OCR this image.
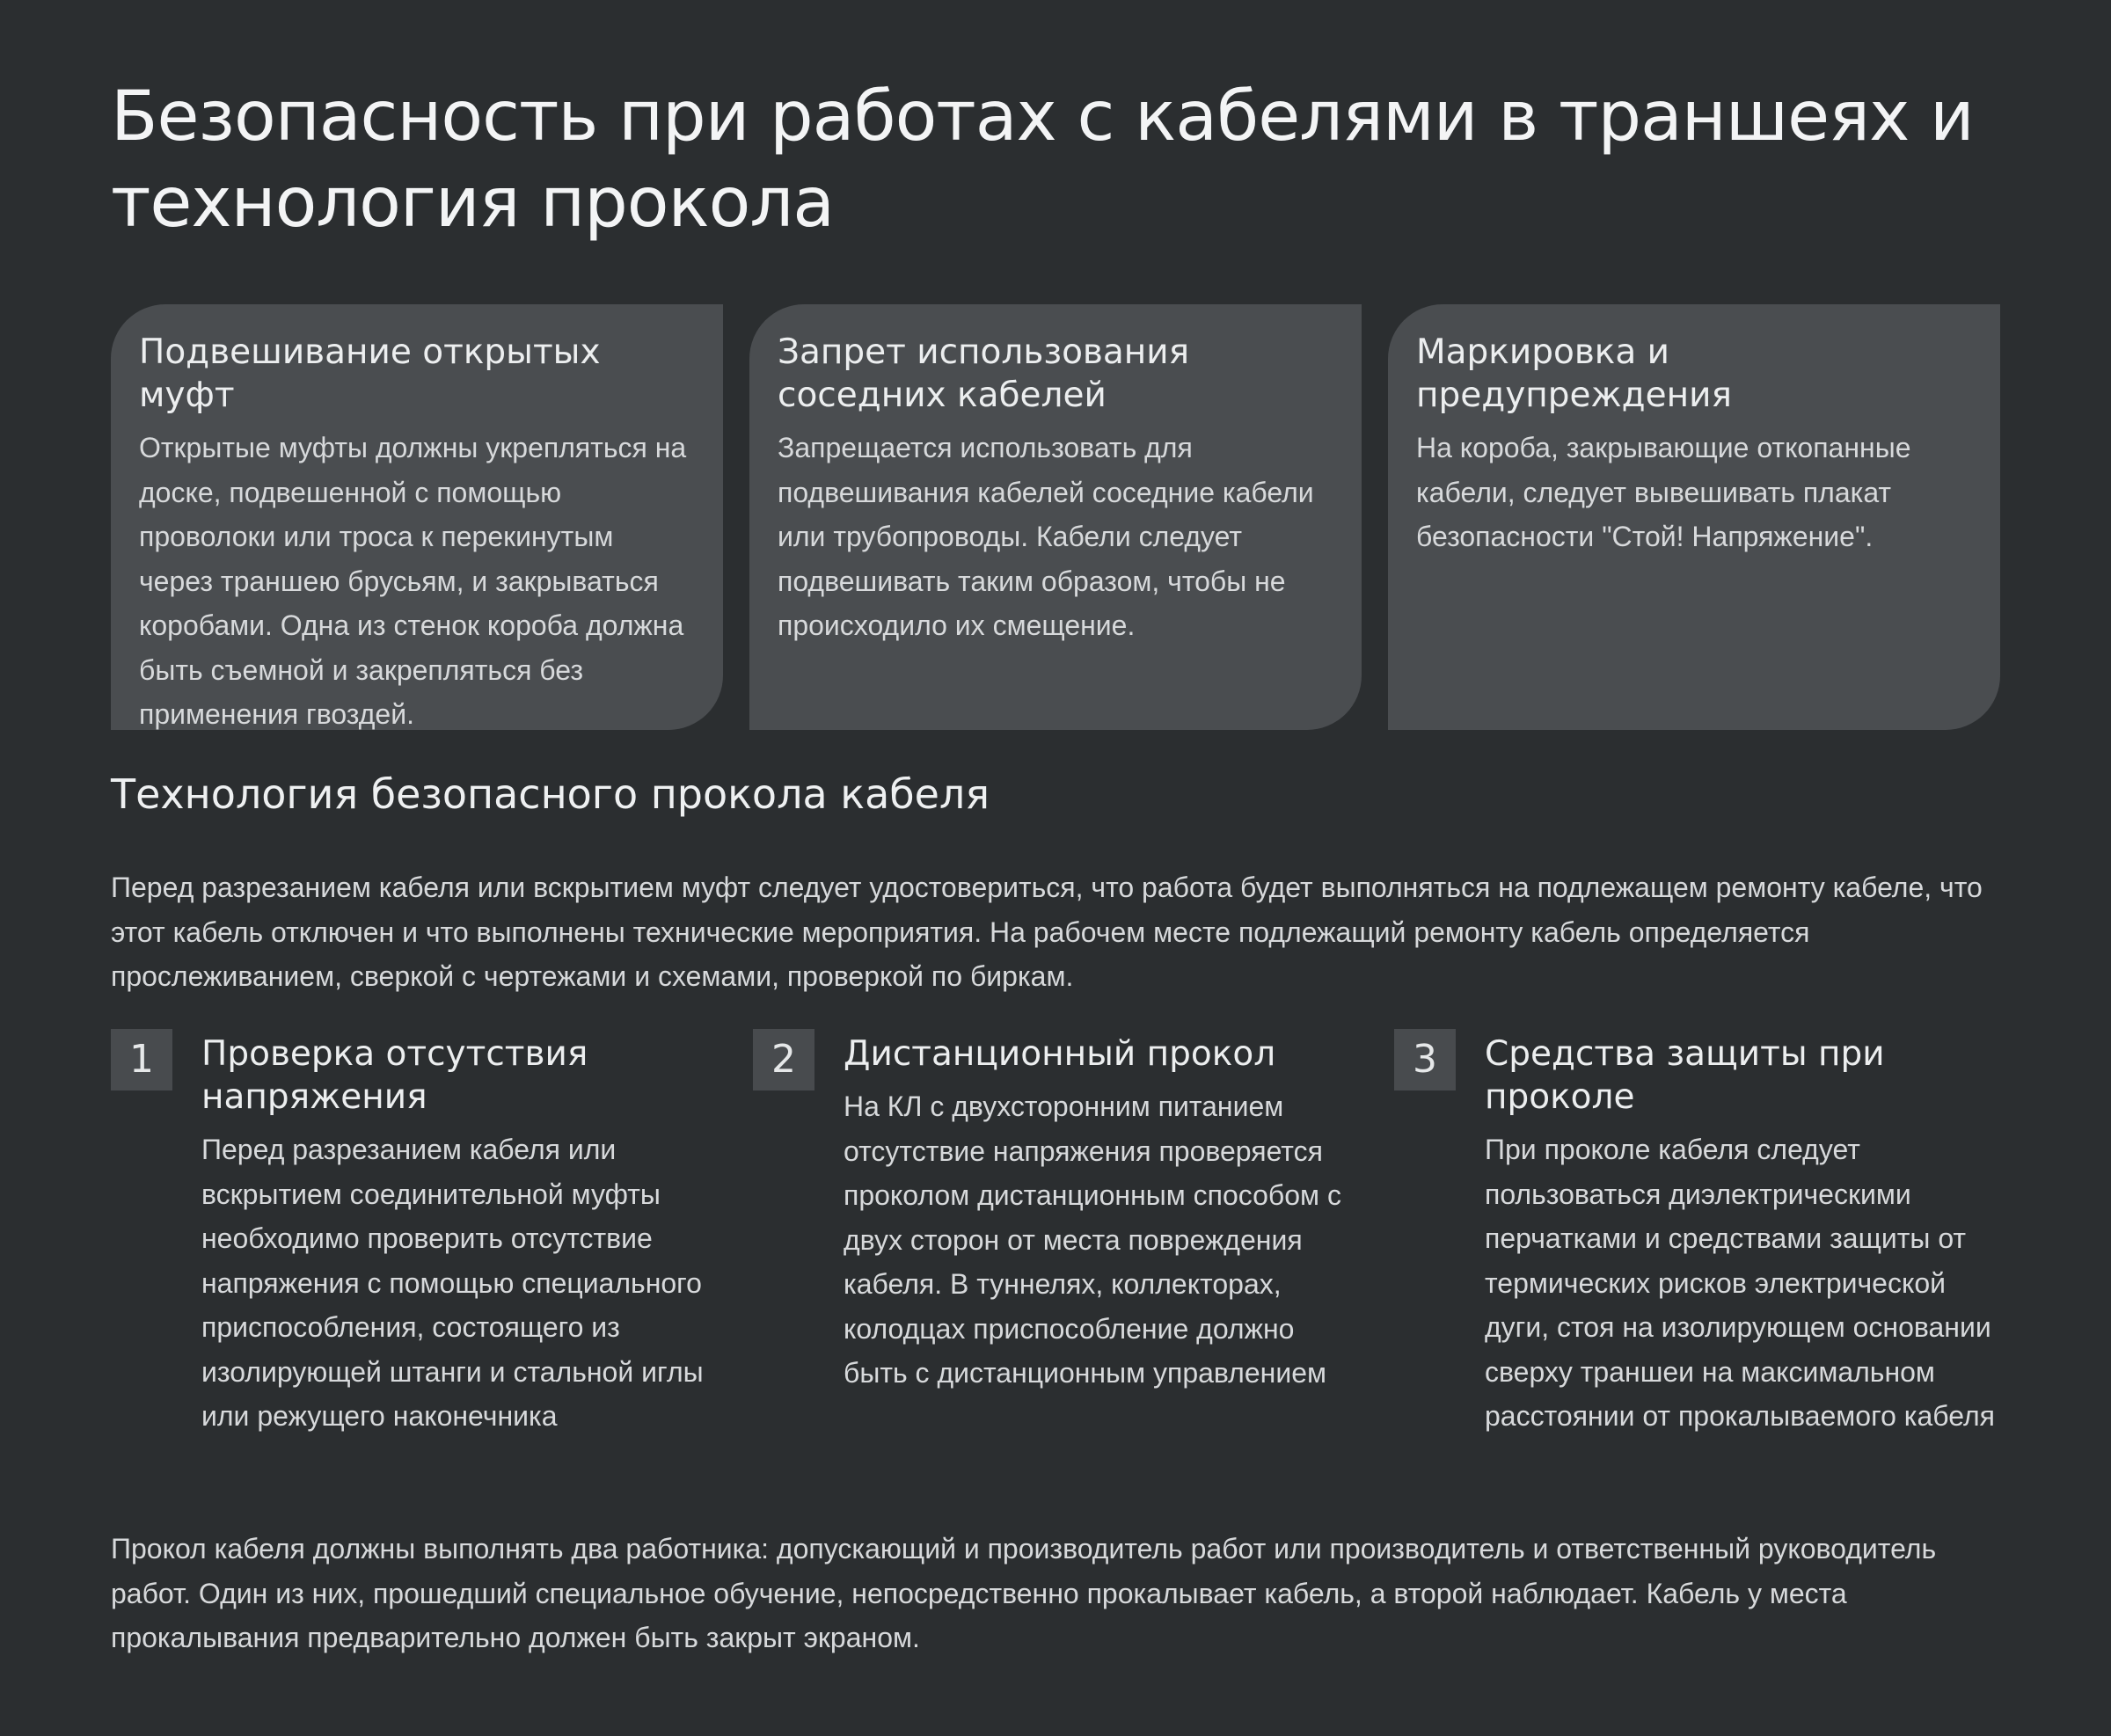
Безопасность при работах с кабелями в траншеях и технология прокола
Подвешивание открытых муфт

Открытые муфты должны укрепляться на доске, подвешенной с помощью проволоки или троса к перекинутым через траншею брусьям, и закрываться коробами. Одна из стенок короба должна быть съемной и закрепляться без применения гвоздей.

Запрет использования соседних кабелей

Запрещается использовать для подвешивания кабелей соседние кабели или трубопроводы. Кабели следует подвешивать таким образом, чтобы не происходило их смещение.

Маркировка и предупреждения

На короба, закрывающие откопанные кабели, следует вывешивать плакат безопасности "Стой! Напряжение".

Технология безопасного прокола кабеля

Перед разрезанием кабеля или вскрытием муфт следует удостовериться, что работа будет выполняться на подлежащем ремонту кабеле, что этот кабель отключен и что выполнены технические мероприятия. На рабочем месте подлежащий ремонту кабель определяется прослеживанием, сверкой с чертежами и схемами, проверкой по биркам.

1	Проверка отсутствия напряжения

Перед разрезанием кабеля или вскрытием соединительной муфты необходимо проверить отсутствие напряжения с помощью специального приспособления, состоящего из изолирующей штанги и стальной иглы или режущего наконечника

2	Дистанционный прокол

На КЛ с двухсторонним питанием отсутствие напряжения проверяется проколом дистанционным способом с двух сторон от места повреждения кабеля. В туннелях, коллекторах, колодцах приспособление должно быть с дистанционным управлением

3	Средства защиты при проколе

При проколе кабеля следует пользоваться диэлектрическими перчатками и средствами защиты от термических рисков электрической дуги, стоя на изолирующем основании сверху траншеи на максимальном расстоянии от прокалываемого кабеля

Прокол кабеля должны выполнять два работника: допускающий и производитель работ или производитель и ответственный руководитель работ. Один из них, прошедший специальное обучение, непосредственно прокалывает кабель, а второй наблюдает. Кабель у места прокалывания предварительно должен быть закрыт экраном.
